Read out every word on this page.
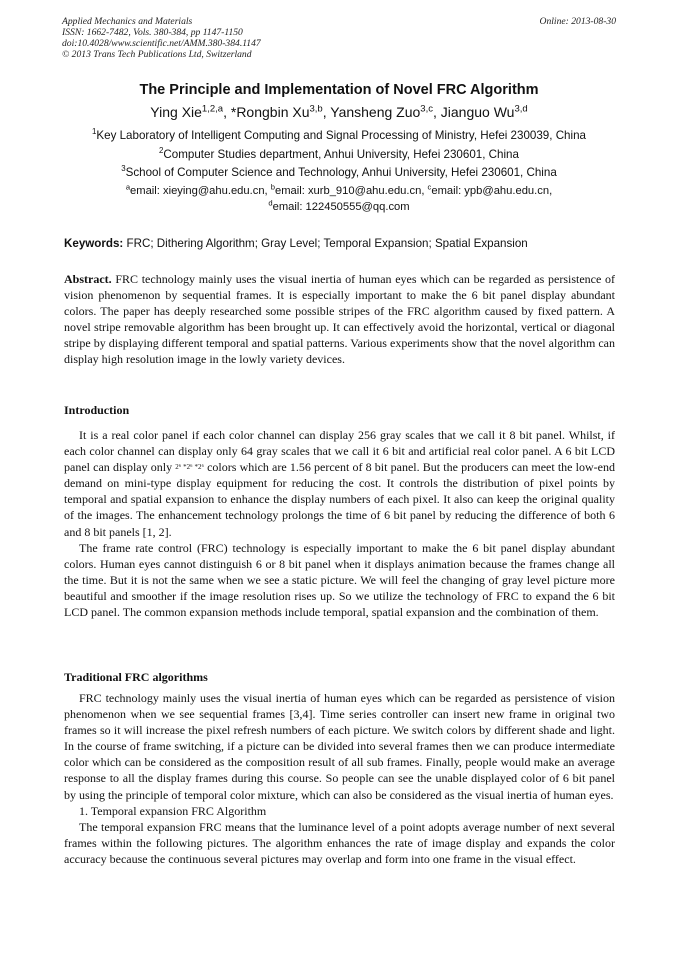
Applied Mechanics and Materials
ISSN: 1662-7482, Vols. 380-384, pp 1147-1150
doi:10.4028/www.scientific.net/AMM.380-384.1147
© 2013 Trans Tech Publications Ltd, Switzerland
Online: 2013-08-30
The Principle and Implementation of Novel FRC Algorithm
Ying Xie$^{1,2,a}$, *Rongbin Xu$^{3,b}$, Yansheng Zuo$^{3,c}$, Jianguo Wu$^{3,d}$
$^1$Key Laboratory of Intelligent Computing and Signal Processing of Ministry, Hefei 230039, China
$^2$Computer Studies department, Anhui University, Hefei 230601, China
$^3$School of Computer Science and Technology, Anhui University, Hefei 230601, China
$^a$email: xieying@ahu.edu.cn, $^b$email: xurb_910@ahu.edu.cn, $^c$email: ypb@ahu.edu.cn,
$^d$email: 122450555@qq.com
Keywords: FRC; Dithering Algorithm; Gray Level; Temporal Expansion; Spatial Expansion

Abstract. FRC technology mainly uses the visual inertia of human eyes which can be regarded as persistence of vision phenomenon by sequential frames. It is especially important to make the 6 bit panel display abundant colors. The paper has deeply researched some possible stripes of the FRC algorithm caused by fixed pattern. A novel stripe removable algorithm has been brought up. It can effectively avoid the horizontal, vertical or diagonal stripe by displaying different temporal and spatial patterns. Various experiments show that the novel algorithm can display high resolution image in the lowly variety devices.

Introduction

It is a real color panel if each color channel can display 256 gray scales that we call it 8 bit panel. Whilst, if each color channel can display only 64 gray scales that we call it 6 bit and artificial real color panel. A 6 bit LCD panel can display only 2⁶ *2⁶ *2⁶ colors which are 1.56 percent of 8 bit panel. But the producers can meet the low-end demand on mini-type display equipment for reducing the cost. It controls the distribution of pixel points by temporal and spatial expansion to enhance the display numbers of each pixel. It also can keep the original quality of the images. The enhancement technology prolongs the time of 6 bit panel by reducing the difference of both 6 and 8 bit panels [1, 2].

The frame rate control (FRC) technology is especially important to make the 6 bit panel display abundant colors. Human eyes cannot distinguish 6 or 8 bit panel when it displays animation because the frames change all the time. But it is not the same when we see a static picture. We will feel the changing of gray level picture more beautiful and smoother if the image resolution rises up. So we utilize the technology of FRC to expand the 6 bit LCD panel. The common expansion methods include temporal, spatial expansion and the combination of them.

Traditional FRC algorithms

FRC technology mainly uses the visual inertia of human eyes which can be regarded as persistence of vision phenomenon when we see sequential frames [3,4]. Time series controller can insert new frame in original two frames so it will increase the pixel refresh numbers of each picture. We switch colors by different shade and light. In the course of frame switching, if a picture can be divided into several frames then we can produce intermediate color which can be considered as the composition result of all sub frames. Finally, people would make an average response to all the display frames during this course. So people can see the unable displayed color of 6 bit panel by using the principle of temporal color mixture, which can also be considered as the visual inertia of human eyes.

1. Temporal expansion FRC Algorithm

The temporal expansion FRC means that the luminance level of a point adopts average number of next several frames within the following pictures. The algorithm enhances the rate of image display and expands the color accuracy because the continuous several pictures may overlap and form into one frame in the visual effect.
